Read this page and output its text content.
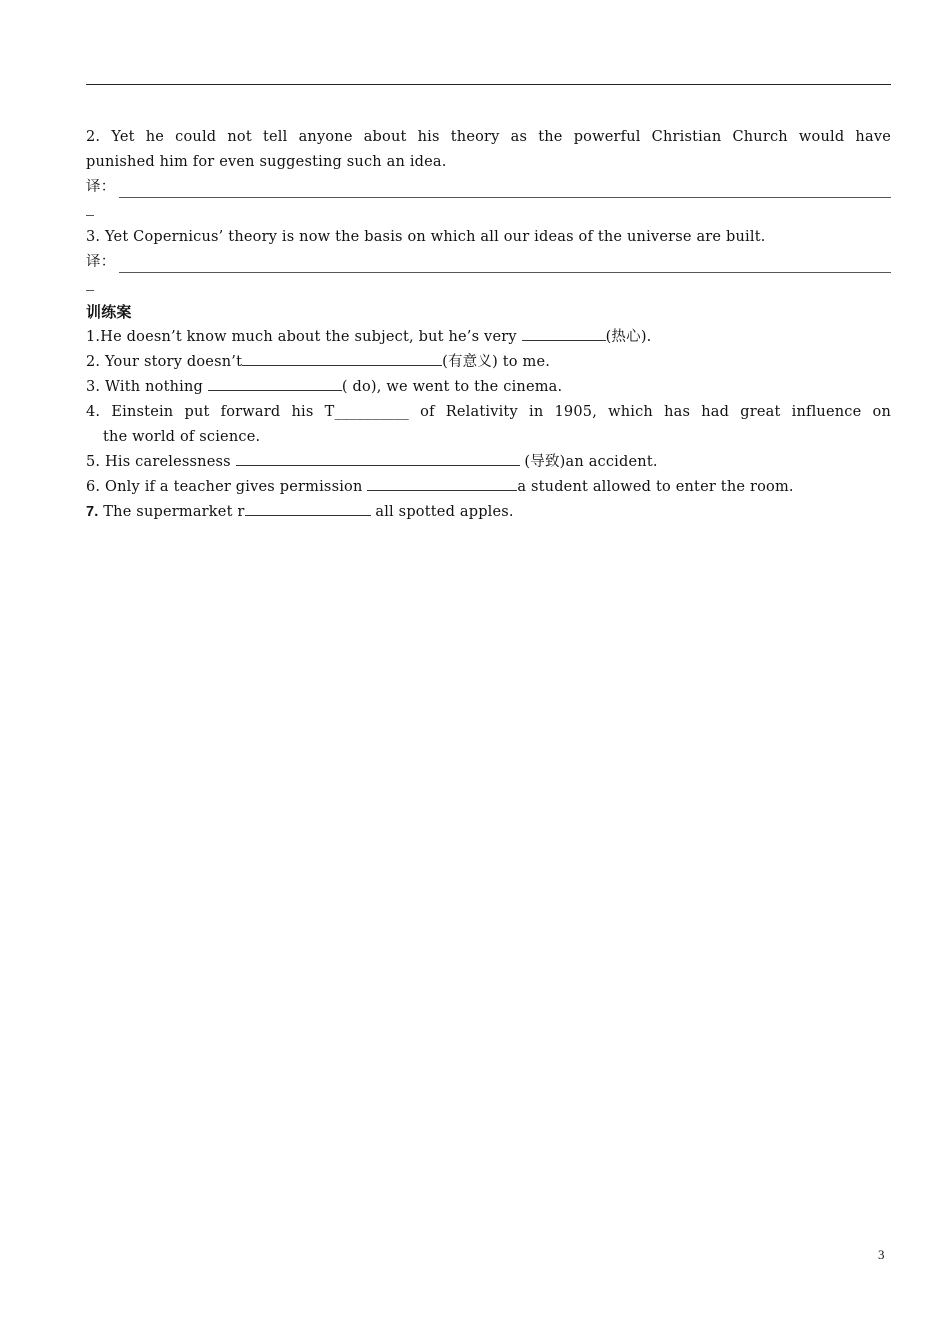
2. Yet he could not tell anyone about his theory as the powerful Christian Church would have
punished him for even suggesting such an idea.
译：
3. Yet Copernicus’ theory is now the basis on which all our ideas of the universe are built.
译：
训练案
1.He doesn’t know much about the subject, but he’s very	(热心).
2. Your story doesn’t	(有意义) to me.
3. With nothing	( do), we went to the cinema.
4. Einstein put forward his T__________ of Relativity in 1905, which has had great influence on
the world of science.
5. His carelessness	(导致)an accident.
6. Only if a teacher gives permission	a student allowed to enter the room.
7. The supermarket r	all spotted apples.
3
